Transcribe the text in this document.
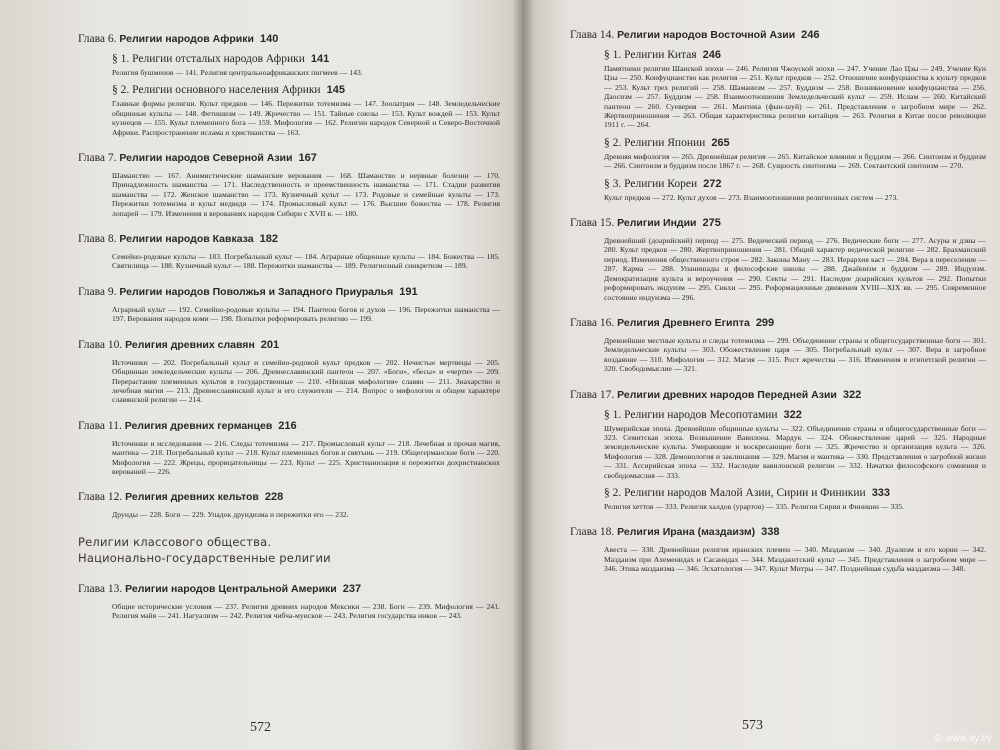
Глава 6. Религии народов Африки 140
§ 1. Религии отсталых народов Африки 141
Религия бушменов — 141. Религия центральноафриканских пигмеев — 143.
§ 2. Религии основного населения Африки 145
Главные формы религии. Культ предков — 146. Пережитки тотемизма — 147. Зоолатрия — 148. Земледельческие общинные культы — 148. Фетишизм — 149. Жречество — 151. Тайные союзы — 153. Культ вождей — 153. Культ кузнецов — 155. Культ племенного бога — 159. Мифология — 162. Религии народов Северной и Северо-Восточной Африки. Распространение ислама и христианства — 163.
Глава 7. Религии народов Северной Азии 167
Шаманство — 167. Анимистические шаманские верования — 168. Шаманство и нервные болезни — 170. Принадлежность шаманства — 171. Наследственность и преемственность шаманства — 171. Стадии развития шаманства — 172. Женское шаманство — 173. Кузнечный культ — 173. Родовые и семейные культы — 173. Пережитки тотемизма и культ медведя — 174. Промысловый культ — 176. Высшие божества — 178. Религия лопарей — 179. Изменения в верованиях народов Сибири с XVII в. — 180.
Глава 8. Религии народов Кавказа 182
Семейно-родовые культы — 183. Погребальный культ — 184. Аграрные общинные культы — 184. Божества — 185. Святилища — 188. Кузнечный культ — 188. Пережитки шаманства — 189. Религиозный синкретизм — 189.
Глава 9. Религии народов Поволжья и Западного Приуралья 191
Аграрный культ — 192. Семейно-родовые культы — 194. Пантеон богов и духов — 196. Пережитки шаманства — 197. Верования народов коми — 198. Попытки реформировать религию — 199.
Глава 10. Религия древних славян 201
Источники — 202. Погребальный культ и семейно-родовой культ предков — 202. Нечистые мертвецы — 205. Общинные земледельческие культы — 206. Древнеславянский пантеон — 207. «Боги», «бесы» и «черти» — 209. Перерастание племенных культов в государственные — 210. «Низшая мифология» славян — 211. Знахарство и лечебная магия — 213. Древнеславянский культ и его служители — 214. Вопрос о мифологии и общем характере славянской религии — 214.
Глава 11. Религия древних германцев 216
Источники и исследования — 216. Следы тотемизма — 217. Промысловый культ — 218. Лечебная и прочая магия, мантика — 218. Погребальный культ — 218. Культ племенных богов и святынь — 219. Общегерманские боги — 220. Мифология — 222. Жрецы, прорицательницы — 223. Культ — 225. Христианизация и пережитки дохристианских верований — 226.
Глава 12. Религия древних кельтов 228
Друиды — 228. Боги — 229. Упадок друидизма и пережитки его — 232.
Религии классового общества.
Национально-государственные религии
Глава 13. Религии народов Центральной Америки 237
Общие исторические условия — 237. Религия древних народов Мексики — 238. Боги — 239. Мифология — 241. Религия майя — 241. Нагуализм — 242. Религия чибча-муисков — 243. Религия государства инков — 243.
572
Глава 14. Религии народов Восточной Азии 246
§ 1. Религии Китая 246
Памятники религии Шанской эпохи — 246. Религия Чжоуской эпохи — 247. Учение Лао Цзы — 249. Учение Кун Цзы — 250. Конфуцианство как религия — 251. Культ предков — 252. Отношение конфуцианства к культу предков — 253. Культ трех религий — 258. Шаманизм — 257. Буддизм — 258. Возникновение конфуцианства — 256. Даосизм — 257. Буддизм — 258. Взаимоотношения Земледельческий культ — 259. Ислам — 260. Китайский пантеон — 260. Суеверия — 261. Мантика (фын-шуй) — 261. Представления о загробном мире — 262. Жертвоприношения — 263. Общая характеристика религии китайцев — 263. Религия в Китае после революции 1911 г. — 264.
§ 2. Религии Японии 265
Древняя мифология — 265. Древнейшая религия — 265. Китайское влияние и буддизм — 266. Синтоизм и буддизм — 266. Синтоизм и буддизм после 1867 г. — 268. Сущность синтоизма — 269. Сектантский синтоизм — 270.
§ 3. Религии Кореи 272
Культ предков — 272. Культ духов — 273. Взаимоотношения религиозных систем — 273.
Глава 15. Религии Индии 275
Древнейший (доарийский) период — 275. Ведический период — 276. Ведические боги — 277. Асуры и дэвы — 280. Культ предков — 280. Жертвоприношения — 281. Общий характер ведической религии — 282. Брахманский период. Изменения общественного строя — 282. Законы Ману — 283. Иерархия каст — 284. Вера в переселение — 287. Карма — 288. Упанишады и философские школы — 288. Джайнизм и буддизм — 289. Индуизм. Демократизация культа и вероучения — 290. Секты — 291. Наследие доарийских культов — 292. Попытки реформировать индуизм — 295. Сикхи — 295. Реформационные движения XVIII—XIX вв. — 295. Современное состояние индуизма — 296.
Глава 16. Религия Древнего Египта 299
Древнейшие местные культы и следы тотемизма — 299. Объединение страны и общегосударственные боги — 301. Земледельческие культы — 303. Обожествление царя — 305. Погребальный культ — 307. Вера в загробное воздаяние — 310. Мифология — 312. Магия — 315. Рост жречества — 316. Изменения в египетской религии — 320. Свободомыслие — 321.
Глава 17. Религии древних народов Передней Азии 322
§ 1. Религии народов Месопотамии 322
Шумерийская эпоха. Древнейшие общинные культы — 322. Объединение страны и общегосударственные боги — 323. Семитская эпоха. Возвышение Вавилона. Мардук — 324. Обожествление царей — 325. Народные земледельческие культы. Умирающие и воскресающие боги — 325. Жречество и организация культа — 326. Мифология — 328. Демонология и заклинания — 329. Магия и мантика — 330. Представления о загробной жизни — 331. Ассирийская эпоха — 332. Наследие вавилонской религии — 332. Начатки философского сомнения и свободомыслия — 333.
§ 2. Религии народов Малой Азии, Сирии и Финикии 333
Религия хеттов — 333. Религия халдов (урартов) — 335. Религия Сирии и Финикии — 335.
Глава 18. Религия Ирана (маздаизм) 338
Авеста — 338. Древнейшая религия иранских племен — 340. Маздаизм — 340. Дуализм и его корни — 342. Маздаизм при Ахеменидах и Сасанидах — 344. Маздакитский культ — 345. Представления о загробном мире — 346. Этика маздаизма — 346. Эсхатология — 347. Культ Митры — 347. Позднейшая судьба маздаизма — 348.
573
© www.ay.by
